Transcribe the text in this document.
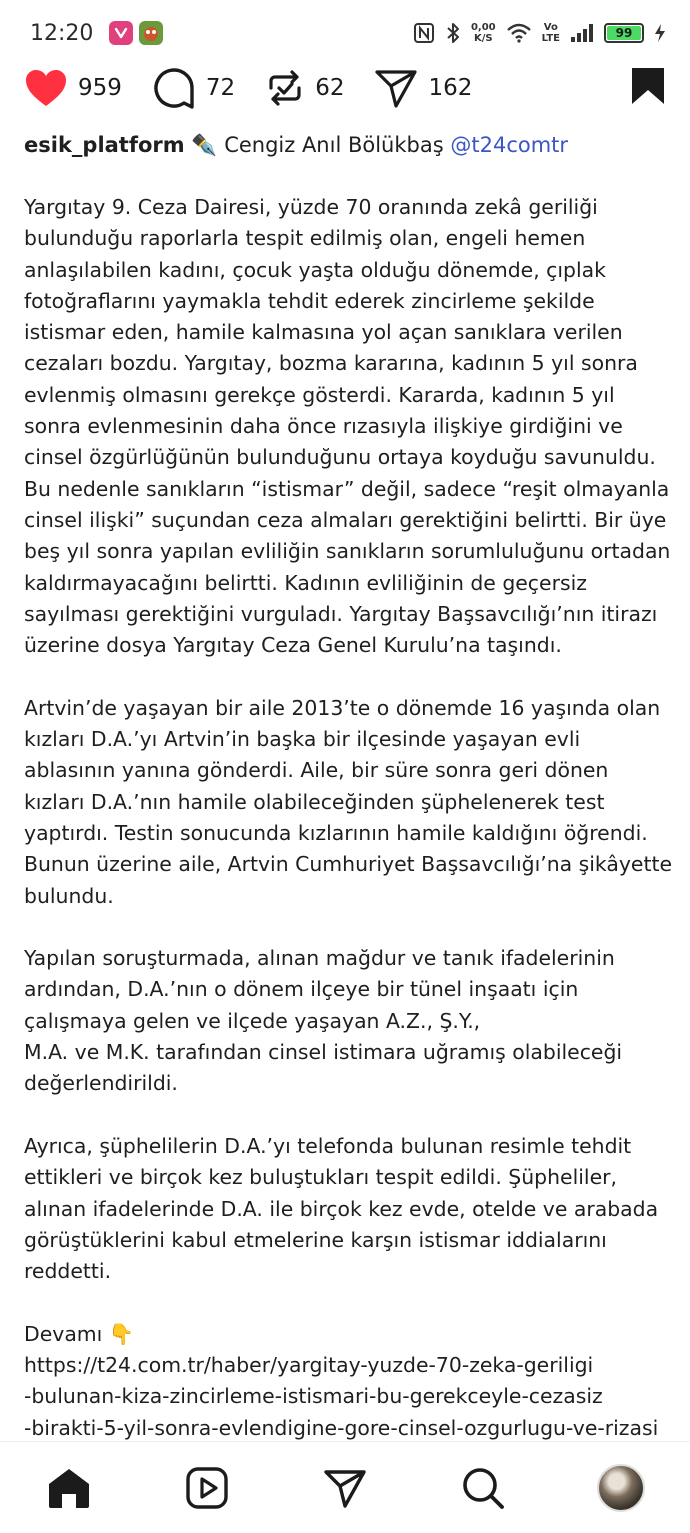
12:20	0,00
K/S
Vo
LTE	99
959	72	62	162
esik_platform ✒️ Cengiz Anıl Bölükbaş @t24comtr

Yargıtay 9. Ceza Dairesi, yüzde 70 oranında zekâ geriliği bulunduğu raporlarla tespit edilmiş olan, engeli hemen anlaşılabilen kadını, çocuk yaşta olduğu dönemde, çıplak fotoğraflarını yaymakla tehdit ederek zincirleme şekilde istismar eden, hamile kalmasına yol açan sanıklara verilen cezaları bozdu. Yargıtay, bozma kararına, kadının 5 yıl sonra evlenmiş olmasını gerekçe gösterdi. Kararda, kadının 5 yıl sonra evlenmesinin daha önce rızasıyla ilişkiye girdiğini ve cinsel özgürlüğünün bulunduğunu ortaya koyduğu savunuldu. Bu nedenle sanıkların “istismar” değil, sadece “reşit olmayanla cinsel ilişki” suçundan ceza almaları gerektiğini belirtti. Bir üye beş yıl sonra yapılan evliliğin sanıkların sorumluluğunu ortadan kaldırmayacağını belirtti. Kadının evliliğinin de geçersiz sayılması gerektiğini vurguladı. Yargıtay Başsavcılığı’nın itirazı üzerine dosya Yargıtay Ceza Genel Kurulu’na taşındı.

Artvin’de yaşayan bir aile 2013’te o dönemde 16 yaşında olan kızları D.A.’yı Artvin’in başka bir ilçesinde yaşayan evli ablasının yanına gönderdi. Aile, bir süre sonra geri dönen kızları D.A.’nın hamile olabileceğinden şüphelenerek test yaptırdı. Testin sonucunda kızlarının hamile kaldığını öğrendi. Bunun üzerine aile, Artvin Cumhuriyet Başsavcılığı’na şikâyette bulundu.

Yapılan soruşturmada, alınan mağdur ve tanık ifadelerinin ardından, D.A.’nın o dönem ilçeye bir tünel inşaatı için çalışmaya gelen ve ilçede yaşayan A.Z., Ş.Y.,
M.A. ve M.K. tarafından cinsel istimara uğramış olabileceği değerlendirildi.

Ayrıca, şüphelilerin D.A.’yı telefonda bulunan resimle tehdit ettikleri ve birçok kez buluştukları tespit edildi. Şüpheliler, alınan ifadelerinde D.A. ile birçok kez evde, otelde ve arabada görüştüklerini kabul etmelerine karşın istismar iddialarını reddetti.

Devamı 👇
https://t24.com.tr/haber/yargitay-yuzde-70-zeka-geriligi
-bulunan-kiza-zincirleme-istismari-bu-gerekceyle-cezasiz
-birakti-5-yil-sonra-evlendigine-gore-cinsel-ozgurlugu-ve-rizasi
